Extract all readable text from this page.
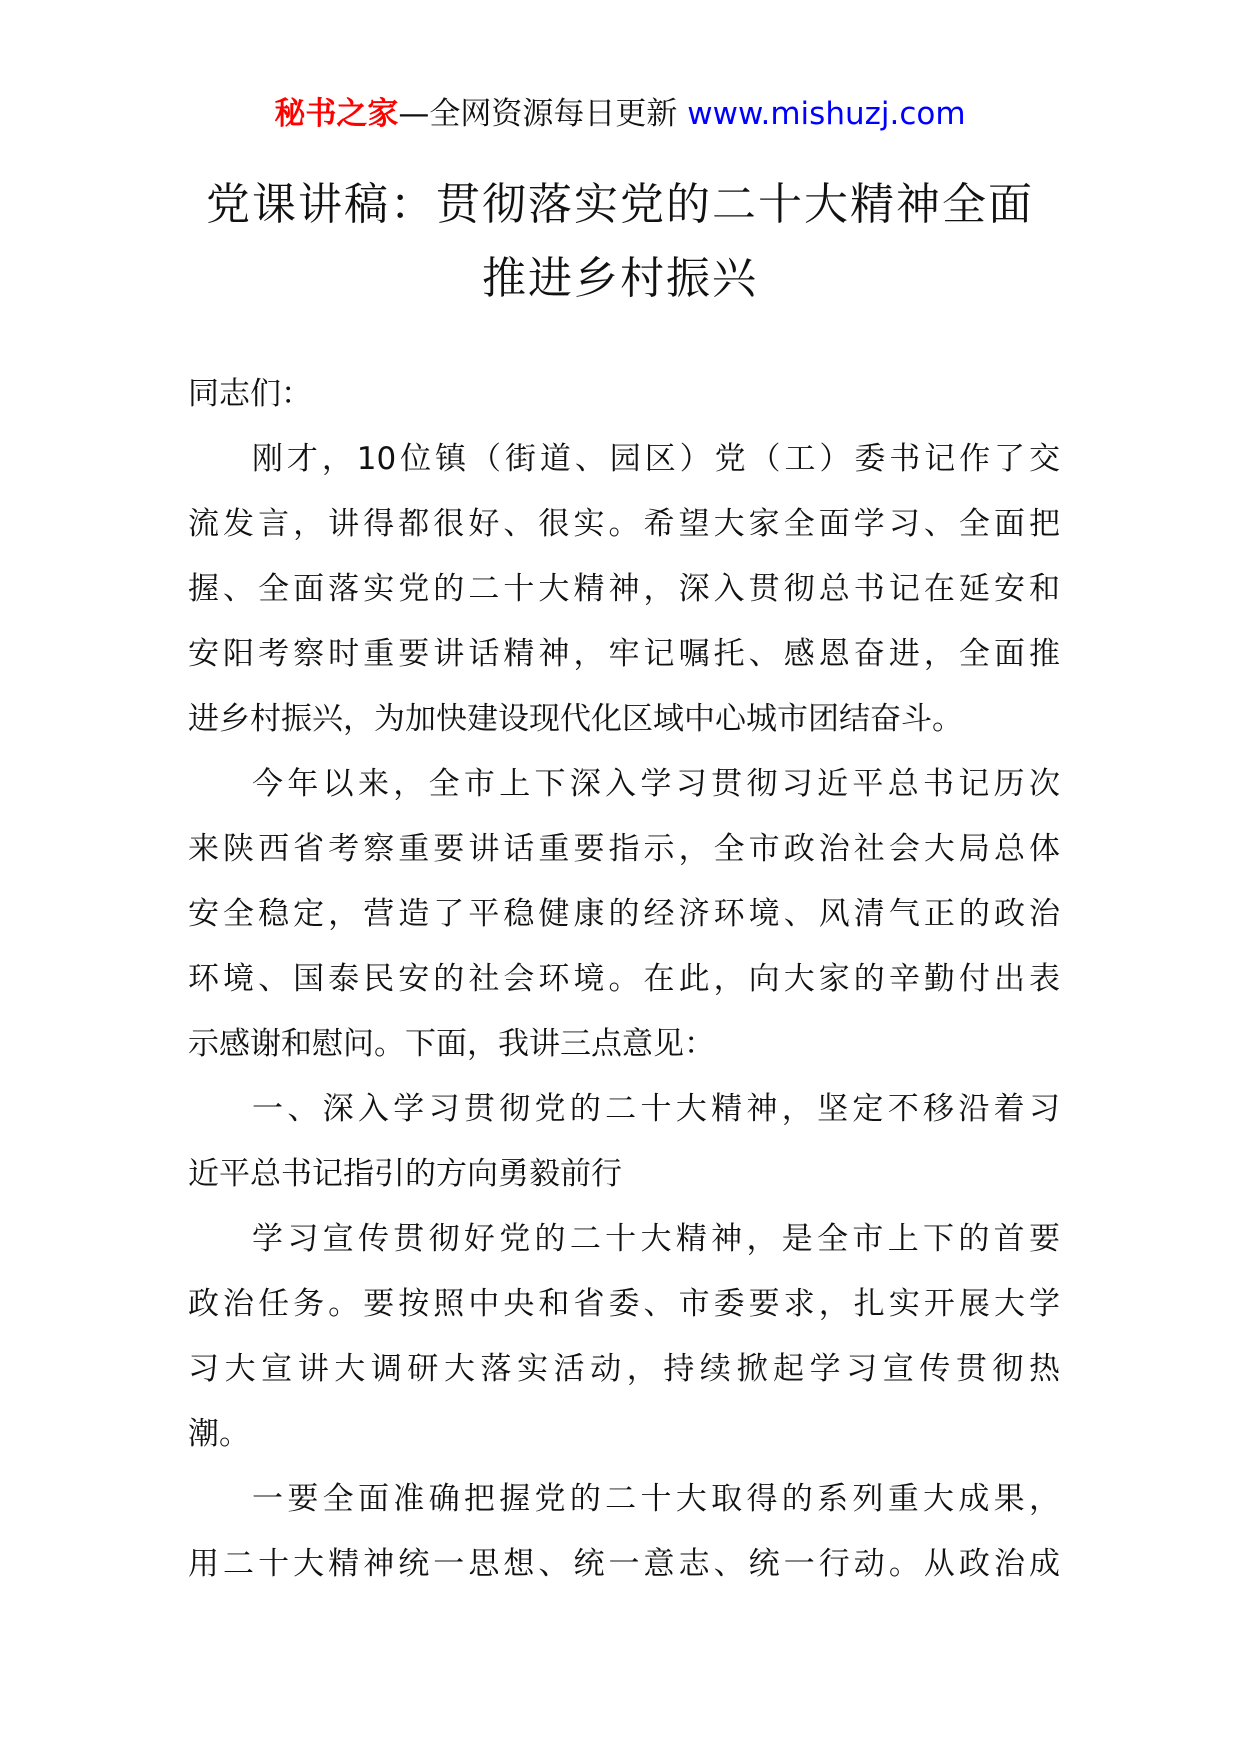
秘书之家—全网资源每日更新 www.mishuzj.com
党课讲稿：贯彻落实党的二十大精神全面
推进乡村振兴
同志们：
刚才，10位镇（街道、园区）党（工）委书记作了交
流发言，讲得都很好、很实。希望大家全面学习、全面把
握、全面落实党的二十大精神，深入贯彻总书记在延安和
安阳考察时重要讲话精神，牢记嘱托、感恩奋进，全面推
进乡村振兴，为加快建设现代化区域中心城市团结奋斗。
今年以来，全市上下深入学习贯彻习近平总书记历次
来陕西省考察重要讲话重要指示，全市政治社会大局总体
安全稳定，营造了平稳健康的经济环境、风清气正的政治
环境、国泰民安的社会环境。在此，向大家的辛勤付出表
示感谢和慰问。下面，我讲三点意见：
一、深入学习贯彻党的二十大精神，坚定不移沿着习
近平总书记指引的方向勇毅前行
学习宣传贯彻好党的二十大精神，是全市上下的首要
政治任务。要按照中央和省委、市委要求，扎实开展大学
习大宣讲大调研大落实活动，持续掀起学习宣传贯彻热
潮。
一要全面准确把握党的二十大取得的系列重大成果，
用二十大精神统一思想、统一意志、统一行动。从政治成
